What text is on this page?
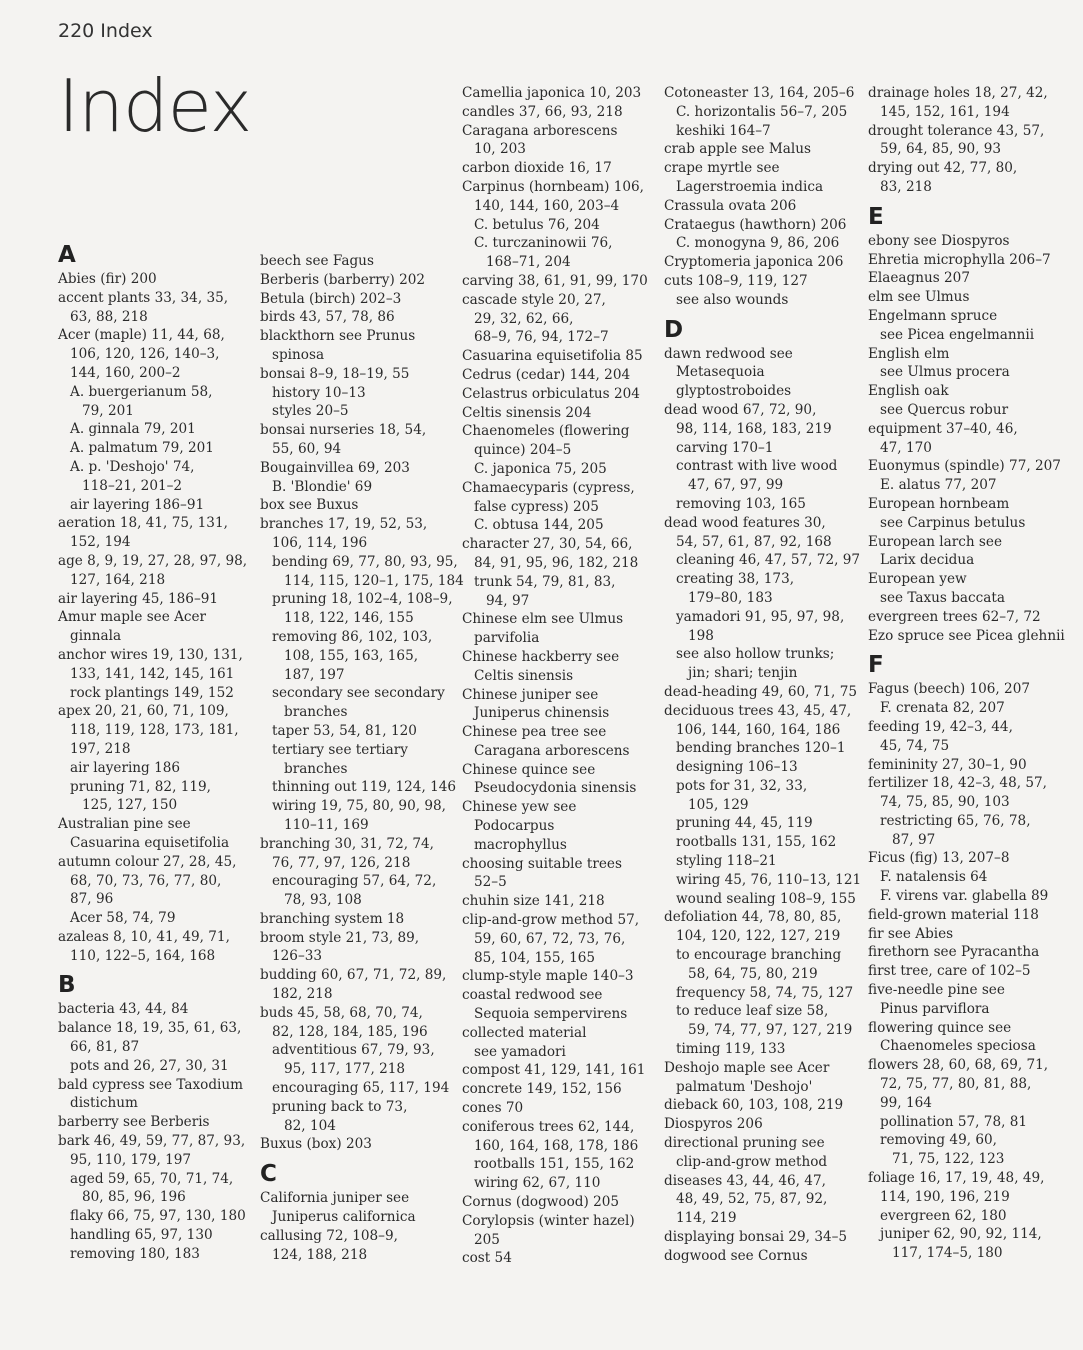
220 Index
Index
A
Abies (fir) 200
accent plants 33, 34, 35,
63, 88, 218
Acer (maple) 11, 44, 68,
106, 120, 126, 140–3,
144, 160, 200–2
A. buergerianum 58,
79, 201
A. ginnala 79, 201
A. palmatum 79, 201
A. p. 'Deshojo' 74,
118–21, 201–2
air layering 186–91
aeration 18, 41, 75, 131,
152, 194
age 8, 9, 19, 27, 28, 97, 98,
127, 164, 218
air layering 45, 186–91
Amur maple see Acer
ginnala
anchor wires 19, 130, 131,
133, 141, 142, 145, 161
rock plantings 149, 152
apex 20, 21, 60, 71, 109,
118, 119, 128, 173, 181,
197, 218
air layering 186
pruning 71, 82, 119,
125, 127, 150
Australian pine see
Casuarina equisetifolia
autumn colour 27, 28, 45,
68, 70, 73, 76, 77, 80,
87, 96
Acer 58, 74, 79
azaleas 8, 10, 41, 49, 71,
110, 122–5, 164, 168
B
bacteria 43, 44, 84
balance 18, 19, 35, 61, 63,
66, 81, 87
pots and 26, 27, 30, 31
bald cypress see Taxodium
distichum
barberry see Berberis
bark 46, 49, 59, 77, 87, 93,
95, 110, 179, 197
aged 59, 65, 70, 71, 74,
80, 85, 96, 196
flaky 66, 75, 97, 130, 180
handling 65, 97, 130
removing 180, 183
beech see Fagus
Berberis (barberry) 202
Betula (birch) 202–3
birds 43, 57, 78, 86
blackthorn see Prunus
spinosa
bonsai 8–9, 18–19, 55
history 10–13
styles 20–5
bonsai nurseries 18, 54,
55, 60, 94
Bougainvillea 69, 203
B. 'Blondie' 69
box see Buxus
branches 17, 19, 52, 53,
106, 114, 196
bending 69, 77, 80, 93, 95,
114, 115, 120–1, 175, 184
pruning 18, 102–4, 108–9,
118, 122, 146, 155
removing 86, 102, 103,
108, 155, 163, 165,
187, 197
secondary see secondary
branches
taper 53, 54, 81, 120
tertiary see tertiary
branches
thinning out 119, 124, 146
wiring 19, 75, 80, 90, 98,
110–11, 169
branching 30, 31, 72, 74,
76, 77, 97, 126, 218
encouraging 57, 64, 72,
78, 93, 108
branching system 18
broom style 21, 73, 89,
126–33
budding 60, 67, 71, 72, 89,
182, 218
buds 45, 58, 68, 70, 74,
82, 128, 184, 185, 196
adventitious 67, 79, 93,
95, 117, 177, 218
encouraging 65, 117, 194
pruning back to 73,
82, 104
Buxus (box) 203
C
California juniper see
Juniperus californica
callusing 72, 108–9,
124, 188, 218
Camellia japonica 10, 203
candles 37, 66, 93, 218
Caragana arborescens
10, 203
carbon dioxide 16, 17
Carpinus (hornbeam) 106,
140, 144, 160, 203–4
C. betulus 76, 204
C. turczaninowii 76,
168–71, 204
carving 38, 61, 91, 99, 170
cascade style 20, 27,
29, 32, 62, 66,
68–9, 76, 94, 172–7
Casuarina equisetifolia 85
Cedrus (cedar) 144, 204
Celastrus orbiculatus 204
Celtis sinensis 204
Chaenomeles (flowering
quince) 204–5
C. japonica 75, 205
Chamaecyparis (cypress,
false cypress) 205
C. obtusa 144, 205
character 27, 30, 54, 66,
84, 91, 95, 96, 182, 218
trunk 54, 79, 81, 83,
94, 97
Chinese elm see Ulmus
parvifolia
Chinese hackberry see
Celtis sinensis
Chinese juniper see
Juniperus chinensis
Chinese pea tree see
Caragana arborescens
Chinese quince see
Pseudocydonia sinensis
Chinese yew see
Podocarpus
macrophyllus
choosing suitable trees
52–5
chuhin size 141, 218
clip-and-grow method 57,
59, 60, 67, 72, 73, 76,
85, 104, 155, 165
clump-style maple 140–3
coastal redwood see
Sequoia sempervirens
collected material
see yamadori
compost 41, 129, 141, 161
concrete 149, 152, 156
cones 70
coniferous trees 62, 144,
160, 164, 168, 178, 186
rootballs 151, 155, 162
wiring 62, 67, 110
Cornus (dogwood) 205
Corylopsis (winter hazel)
205
cost 54
Cotoneaster 13, 164, 205–6
C. horizontalis 56–7, 205
keshiki 164–7
crab apple see Malus
crape myrtle see
Lagerstroemia indica
Crassula ovata 206
Crataegus (hawthorn) 206
C. monogyna 9, 86, 206
Cryptomeria japonica 206
cuts 108–9, 119, 127
see also wounds
D
dawn redwood see
Metasequoia
glyptostroboides
dead wood 67, 72, 90,
98, 114, 168, 183, 219
carving 170–1
contrast with live wood
47, 67, 97, 99
removing 103, 165
dead wood features 30,
54, 57, 61, 87, 92, 168
cleaning 46, 47, 57, 72, 97
creating 38, 173,
179–80, 183
yamadori 91, 95, 97, 98,
198
see also hollow trunks;
jin; shari; tenjin
dead-heading 49, 60, 71, 75
deciduous trees 43, 45, 47,
106, 144, 160, 164, 186
bending branches 120–1
designing 106–13
pots for 31, 32, 33,
105, 129
pruning 44, 45, 119
rootballs 131, 155, 162
styling 118–21
wiring 45, 76, 110–13, 121
wound sealing 108–9, 155
defoliation 44, 78, 80, 85,
104, 120, 122, 127, 219
to encourage branching
58, 64, 75, 80, 219
frequency 58, 74, 75, 127
to reduce leaf size 58,
59, 74, 77, 97, 127, 219
timing 119, 133
Deshojo maple see Acer
palmatum 'Deshojo'
dieback 60, 103, 108, 219
Diospyros 206
directional pruning see
clip-and-grow method
diseases 43, 44, 46, 47,
48, 49, 52, 75, 87, 92,
114, 219
displaying bonsai 29, 34–5
dogwood see Cornus
drainage holes 18, 27, 42,
145, 152, 161, 194
drought tolerance 43, 57,
59, 64, 85, 90, 93
drying out 42, 77, 80,
83, 218
E
ebony see Diospyros
Ehretia microphylla 206–7
Elaeagnus 207
elm see Ulmus
Engelmann spruce
see Picea engelmannii
English elm
see Ulmus procera
English oak
see Quercus robur
equipment 37–40, 46,
47, 170
Euonymus (spindle) 77, 207
E. alatus 77, 207
European hornbeam
see Carpinus betulus
European larch see
Larix decidua
European yew
see Taxus baccata
evergreen trees 62–7, 72
Ezo spruce see Picea glehnii
F
Fagus (beech) 106, 207
F. crenata 82, 207
feeding 19, 42–3, 44,
45, 74, 75
femininity 27, 30–1, 90
fertilizer 18, 42–3, 48, 57,
74, 75, 85, 90, 103
restricting 65, 76, 78,
87, 97
Ficus (fig) 13, 207–8
F. natalensis 64
F. virens var. glabella 89
field-grown material 118
fir see Abies
firethorn see Pyracantha
first tree, care of 102–5
five-needle pine see
Pinus parviflora
flowering quince see
Chaenomeles speciosa
flowers 28, 60, 68, 69, 71,
72, 75, 77, 80, 81, 88,
99, 164
pollination 57, 78, 81
removing 49, 60,
71, 75, 122, 123
foliage 16, 17, 19, 48, 49,
114, 190, 196, 219
evergreen 62, 180
juniper 62, 90, 92, 114,
117, 174–5, 180
